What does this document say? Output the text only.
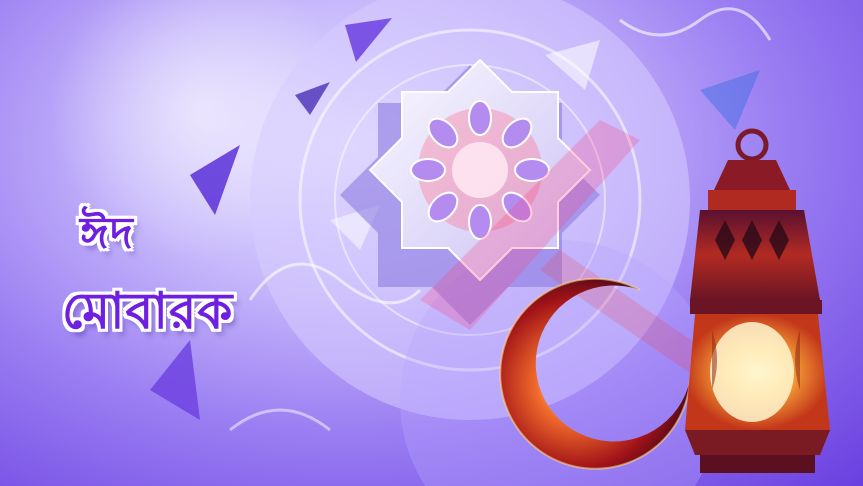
ঈদ
মোবারক
